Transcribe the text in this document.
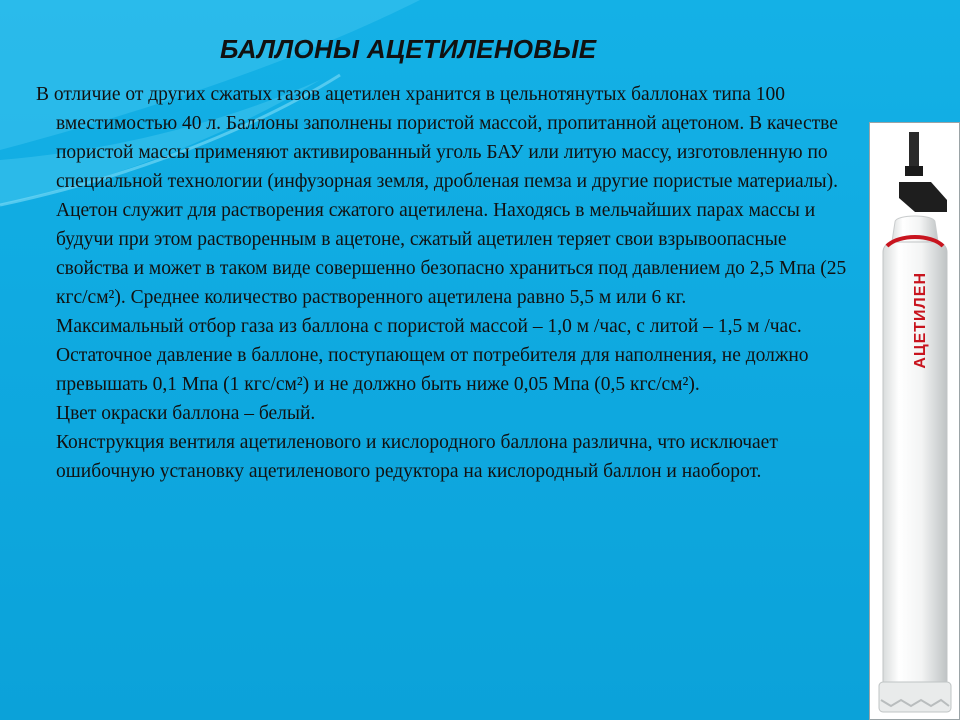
БАЛЛОНЫ АЦЕТИЛЕНОВЫЕ

В отличие от других сжатых газов ацетилен хранится в цельнотянутых баллонах типа 100 вместимостью 40 л. Баллоны заполнены пористой массой, пропитанной ацетоном. В качестве пористой массы применяют активированный уголь БАУ или литую массу, изготовленную по специальной технологии (инфузорная земля, дробленая пемза и другие пористые материалы).

Ацетон служит для растворения сжатого ацетилена. Находясь в мельчайших парах массы и будучи при этом растворенным в ацетоне, сжатый ацетилен теряет свои взрывоопасные свойства и может в таком виде совершенно безопасно храниться под давлением до 2,5 Мпа (25 кгс/см²). Среднее количество растворенного ацетилена равно 5,5 м или 6 кг.

Максимальный отбор газа из баллона с пористой массой – 1,0 м /час, с литой – 1,5 м /час. Остаточное давление в баллоне, поступающем от потребителя для наполнения, не должно превышать 0,1 Мпа (1 кгс/см²) и не должно быть ниже 0,05 Мпа (0,5 кгс/см²).

Цвет окраски баллона – белый.

Конструкция вентиля ацетиленового и кислородного баллона различна, что исключает ошибочную установку ацетиленового редуктора на кислородный баллон и наоборот.

АЦЕТИЛЕН
